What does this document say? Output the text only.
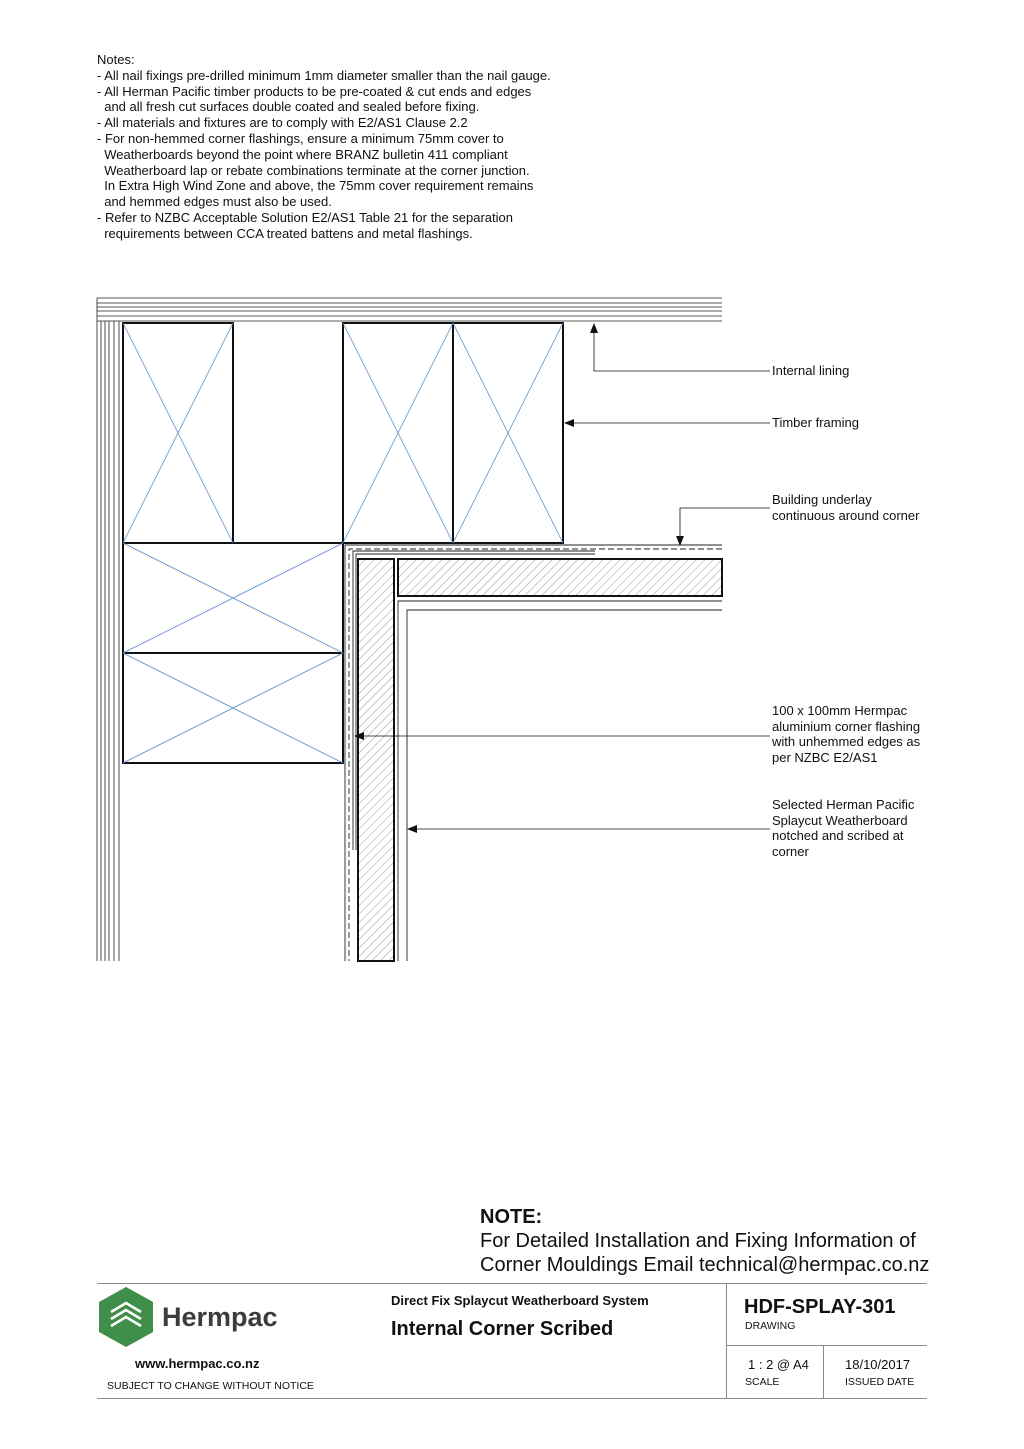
Notes:
- All nail fixings pre-drilled minimum 1mm diameter smaller than the nail gauge.
- All Herman Pacific timber products to be pre-coated & cut ends and edges
and all fresh cut surfaces double coated and sealed before fixing.
- All materials and fixtures are to comply with E2/AS1 Clause 2.2
- For non-hemmed corner flashings, ensure a minimum 75mm cover to
Weatherboards beyond the point where BRANZ bulletin 411 compliant
Weatherboard lap or rebate combinations terminate at the corner junction.
In Extra High Wind Zone and above, the 75mm cover requirement remains
and hemmed edges must also be used.
- Refer to NZBC Acceptable Solution E2/AS1 Table 21 for the separation
requirements between CCA treated battens and metal flashings.
Internal lining
Timber framing
Building underlay
continuous around corner
100 x 100mm Hermpac
aluminium corner flashing
with unhemmed edges as
per NZBC E2/AS1
Selected Herman Pacific
Splaycut Weatherboard
notched and scribed at
corner
NOTE:
For Detailed Installation and Fixing Information of
Corner Mouldings Email technical@hermpac.co.nz
Hermpac
www.hermpac.co.nz
SUBJECT TO CHANGE WITHOUT NOTICE
Direct Fix Splaycut Weatherboard System
Internal Corner Scribed
HDF-SPLAY-301
DRAWING
1 : 2 @ A4
SCALE
18/10/2017
ISSUED DATE
